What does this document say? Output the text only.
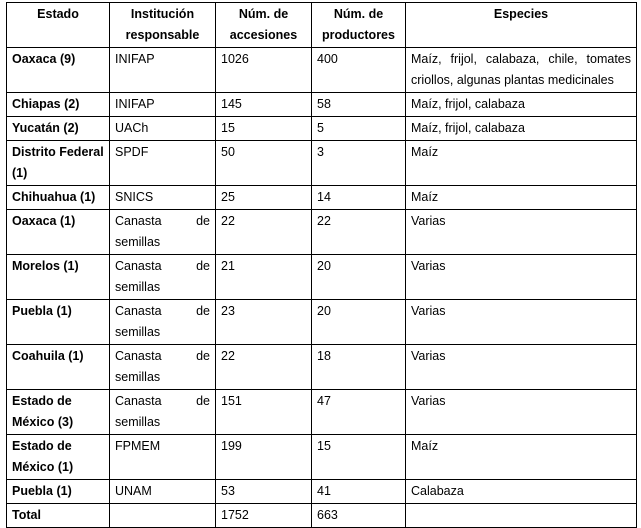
Estado	Institución responsable	Núm. de accesiones	Núm. de productores	Especies
Oaxaca (9)	INIFAP	1026	400	Maíz, frijol, calabaza, chile, tomates criollos, algunas plantas medicinales
Chiapas (2)	INIFAP	145	58	Maíz, frijol, calabaza
Yucatán (2)	UACh	15	5	Maíz, frijol, calabaza
Distrito Federal (1)	SPDF	50	3	Maíz
Chihuahua (1)	SNICS	25	14	Maíz
Oaxaca (1)	Canasta de semillas	22	22	Varias
Morelos (1)	Canasta de semillas	21	20	Varias
Puebla (1)	Canasta de semillas	23	20	Varias
Coahuila (1)	Canasta de semillas	22	18	Varias
Estado de México (3)	Canasta de semillas	151	47	Varias
Estado de México (1)	FPMEM	199	15	Maíz
Puebla (1)	UNAM	53	41	Calabaza
Total		1752	663	
